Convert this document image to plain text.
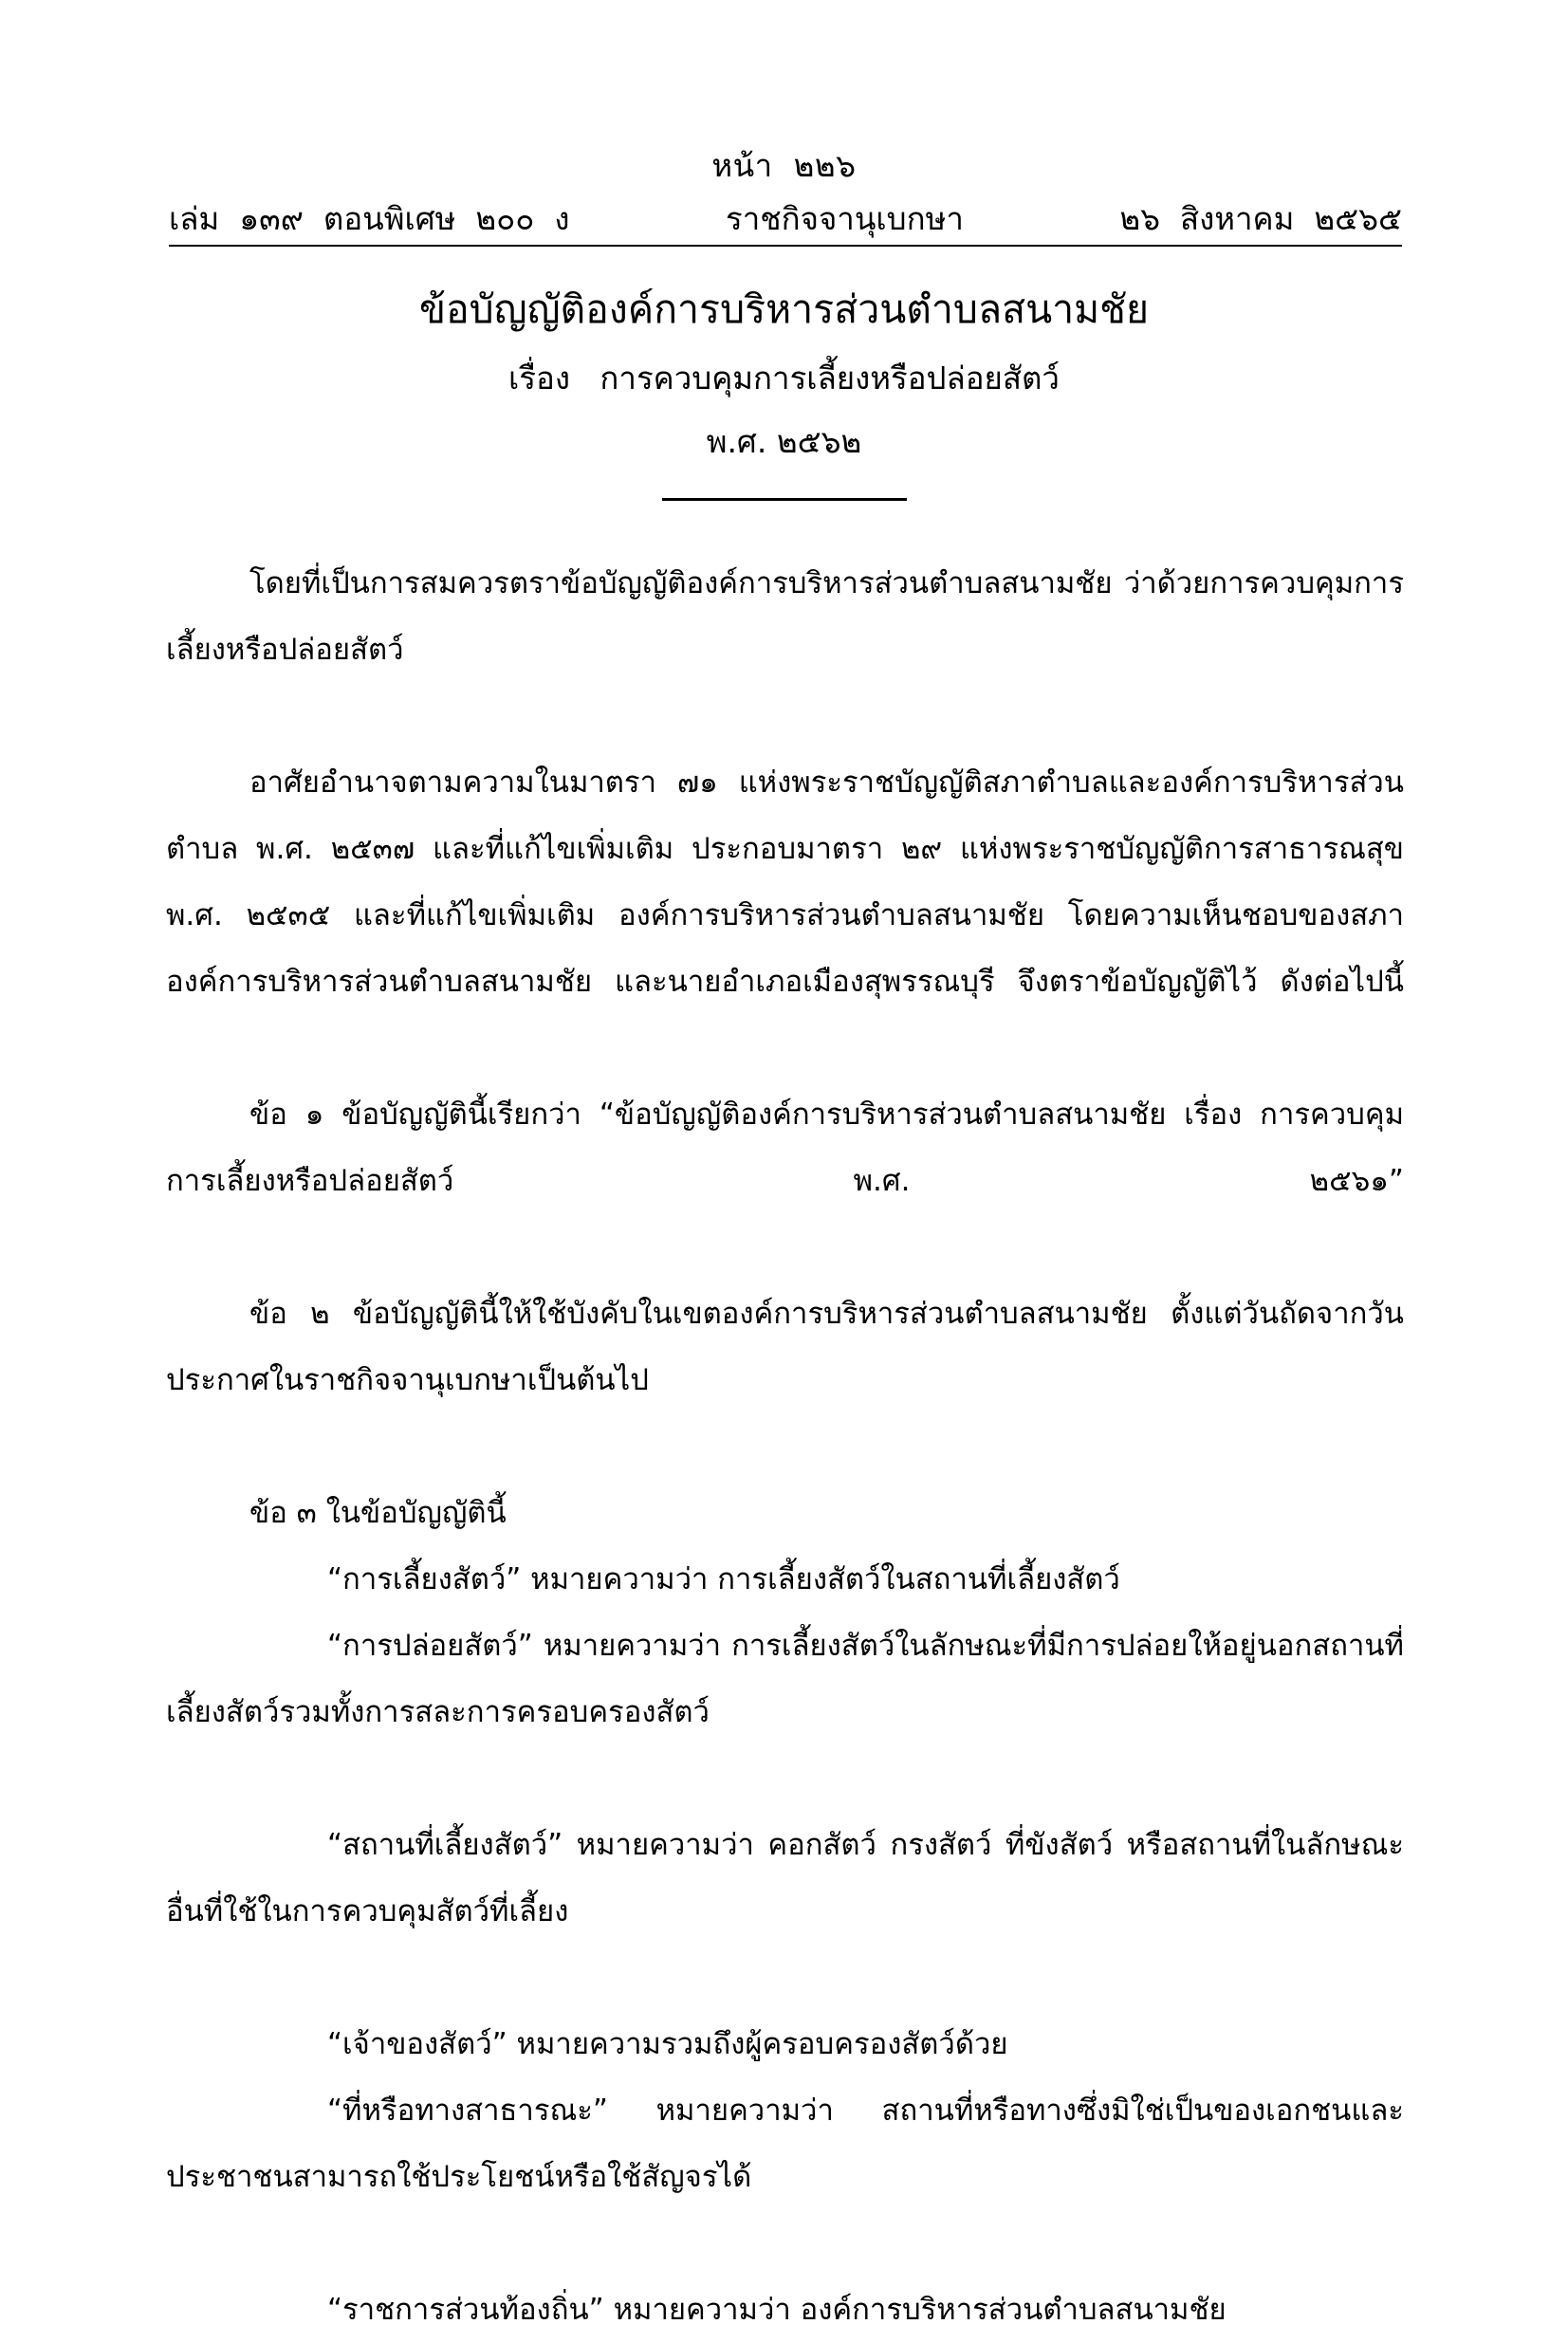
หน้า  ๒๒๖
เล่ม  ๑๓๙  ตอนพิเศษ  ๒๐๐  ง	ราชกิจจานุเบกษา	๒๖  สิงหาคม  ๒๕๖๕
ข้อบัญญัติองค์การบริหารส่วนตำบลสนามชัย
เรื่อง   การควบคุมการเลี้ยงหรือปล่อยสัตว์
พ.ศ. ๒๕๖๒

โดยที่เป็นการสมควรตราข้อบัญญัติองค์การบริหารส่วนตำบลสนามชัย ว่าด้วยการควบคุมการเลี้ยงหรือปล่อยสัตว์

อาศัยอำนาจตามความในมาตรา ๗๑ แห่งพระราชบัญญัติสภาตำบลและองค์การบริหารส่วนตำบล พ.ศ. ๒๕๓๗ และที่แก้ไขเพิ่มเติม ประกอบมาตรา ๒๙ แห่งพระราชบัญญัติการสาธารณสุข พ.ศ. ๒๕๓๕ และที่แก้ไขเพิ่มเติม องค์การบริหารส่วนตำบลสนามชัย โดยความเห็นชอบของสภาองค์การบริหารส่วนตำบลสนามชัย และนายอำเภอเมืองสุพรรณบุรี จึงตราข้อบัญญัติไว้ ดังต่อไปนี้

ข้อ ๑ ข้อบัญญัตินี้เรียกว่า “ข้อบัญญัติองค์การบริหารส่วนตำบลสนามชัย เรื่อง การควบคุมการเลี้ยงหรือปล่อยสัตว์ พ.ศ. ๒๕๖๑”

ข้อ ๒ ข้อบัญญัตินี้ให้ใช้บังคับในเขตองค์การบริหารส่วนตำบลสนามชัย ตั้งแต่วันถัดจากวันประกาศในราชกิจจานุเบกษาเป็นต้นไป

ข้อ ๓ ในข้อบัญญัตินี้

“การเลี้ยงสัตว์” หมายความว่า การเลี้ยงสัตว์ในสถานที่เลี้ยงสัตว์

“การปล่อยสัตว์” หมายความว่า การเลี้ยงสัตว์ในลักษณะที่มีการปล่อยให้อยู่นอกสถานที่เลี้ยงสัตว์รวมทั้งการสละการครอบครองสัตว์

“สถานที่เลี้ยงสัตว์” หมายความว่า คอกสัตว์ กรงสัตว์ ที่ขังสัตว์ หรือสถานที่ในลักษณะอื่นที่ใช้ในการควบคุมสัตว์ที่เลี้ยง

“เจ้าของสัตว์” หมายความรวมถึงผู้ครอบครองสัตว์ด้วย

“ที่หรือทางสาธารณะ” หมายความว่า สถานที่หรือทางซึ่งมิใช่เป็นของเอกชนและประชาชนสามารถใช้ประโยชน์หรือใช้สัญจรได้

“ราชการส่วนท้องถิ่น” หมายความว่า องค์การบริหารส่วนตำบลสนามชัย
